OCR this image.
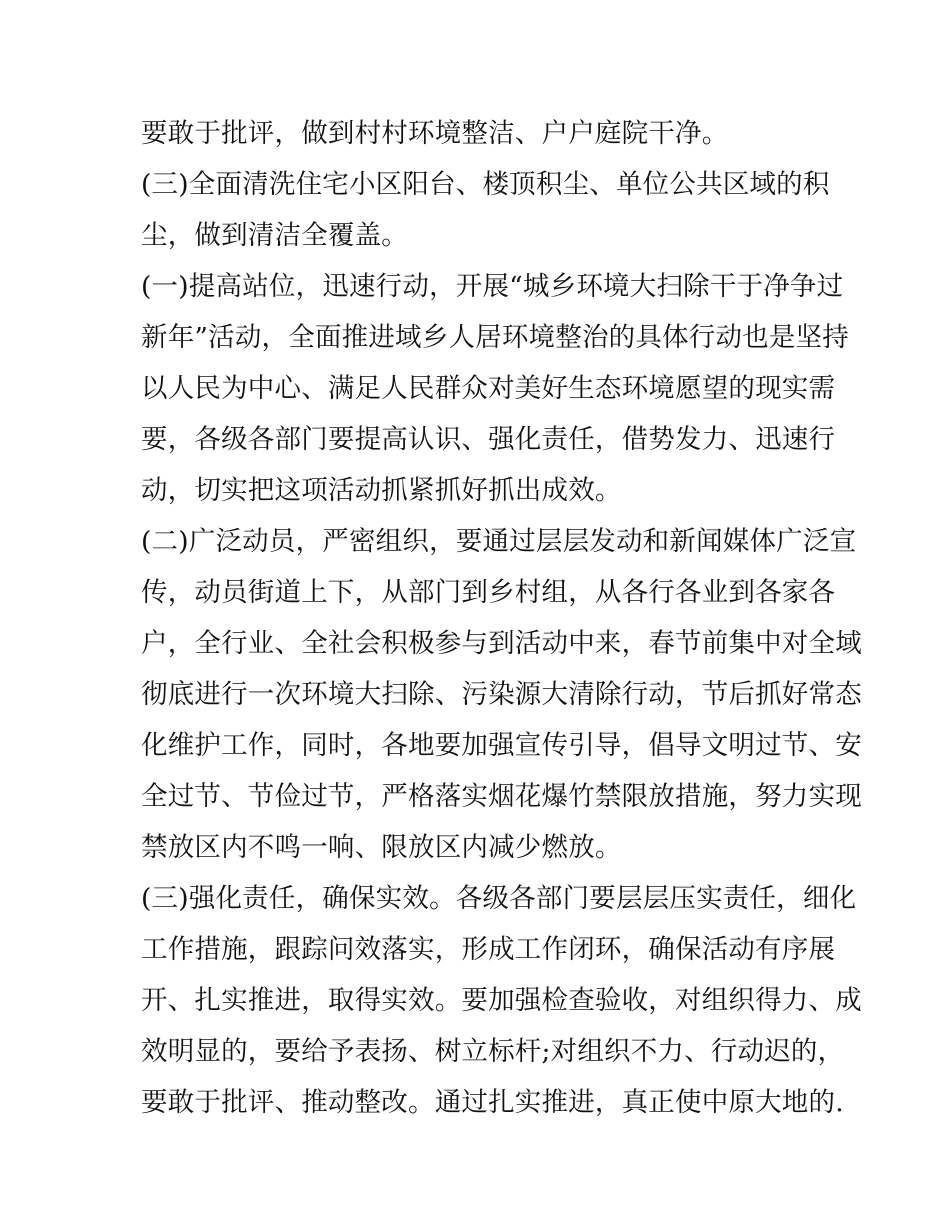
要敢于批评，做到村村环境整洁、户户庭院干净。
(三)全面清洗住宅小区阳台、楼顶积尘、单位公共区域的积
尘，做到清洁全覆盖。
(一)提高站位，迅速行动，开展“城乡环境大扫除干于净争过
新年”活动，全面推进域乡人居环境整治的具体行动也是坚持
以人民为中心、满足人民群众对美好生态环境愿望的现实需
要，各级各部门要提高认识、强化责任，借势发力、迅速行
动，切实把这项活动抓紧抓好抓出成效。
(二)广泛动员，严密组织，要通过层层发动和新闻媒体广泛宣
传，动员街道上下，从部门到乡村组，从各行各业到各家各
户，全行业、全社会积极参与到活动中来，春节前集中对全域
彻底进行一次环境大扫除、污染源大清除行动，节后抓好常态
化维护工作，同时，各地要加强宣传引导，倡导文明过节、安
全过节、节俭过节，严格落实烟花爆竹禁限放措施，努力实现
禁放区内不鸣一响、限放区内减少燃放。
(三)强化责任，确保实效。各级各部门要层层压实责任，细化
工作措施，跟踪问效落实，形成工作闭环，确保活动有序展
开、扎实推进，取得实效。要加强检查验收，对组织得力、成
效明显的，要给予表扬、树立标杆;对组织不力、行动迟的，
要敢于批评、推动整改。通过扎实推进，真正使中原大地的.
